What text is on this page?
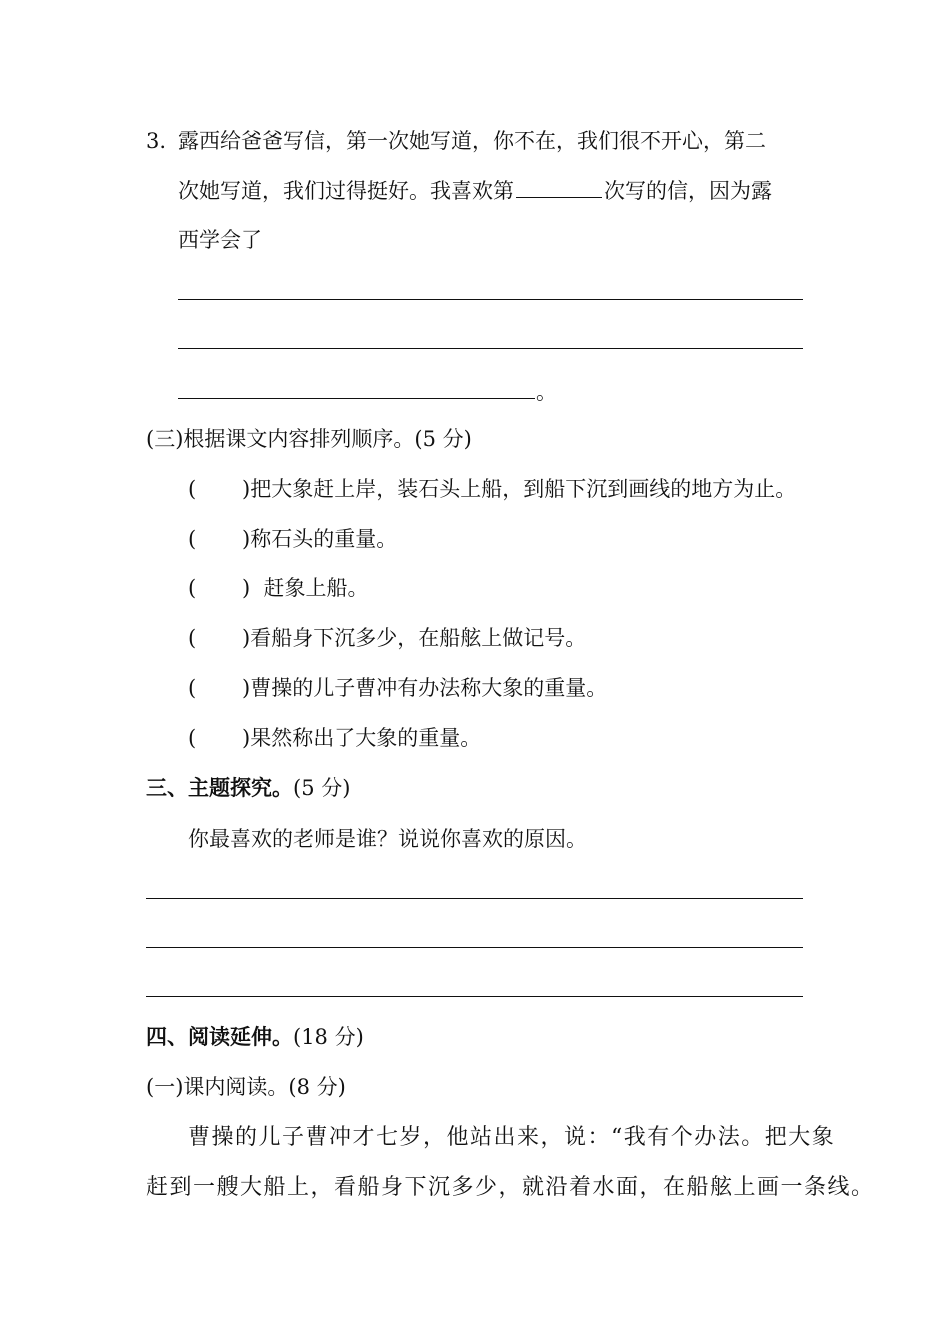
3. 露西给爸爸写信，第一次她写道，你不在，我们很不开心，第二
次她写道，我们过得挺好。我喜欢第	次写的信，因为露
西学会了
。
(三)根据课文内容排列顺序。(5 分)
( )把大象赶上岸，装石头上船，到船下沉到画线的地方为止。
( )称石头的重量。
( )  赶象上船。
( )看船身下沉多少，在船舷上做记号。
( )曹操的儿子曹冲有办法称大象的重量。
( )果然称出了大象的重量。
三、主题探究。(5 分)
你最喜欢的老师是谁？说说你喜欢的原因。
四、阅读延伸。(18 分)
(一)课内阅读。(8 分)
曹操的儿子曹冲才七岁，他站出来，说：“我有个办法。把大象
赶到一艘大船上，看船身下沉多少，就沿着水面，在船舷上画一条线。
